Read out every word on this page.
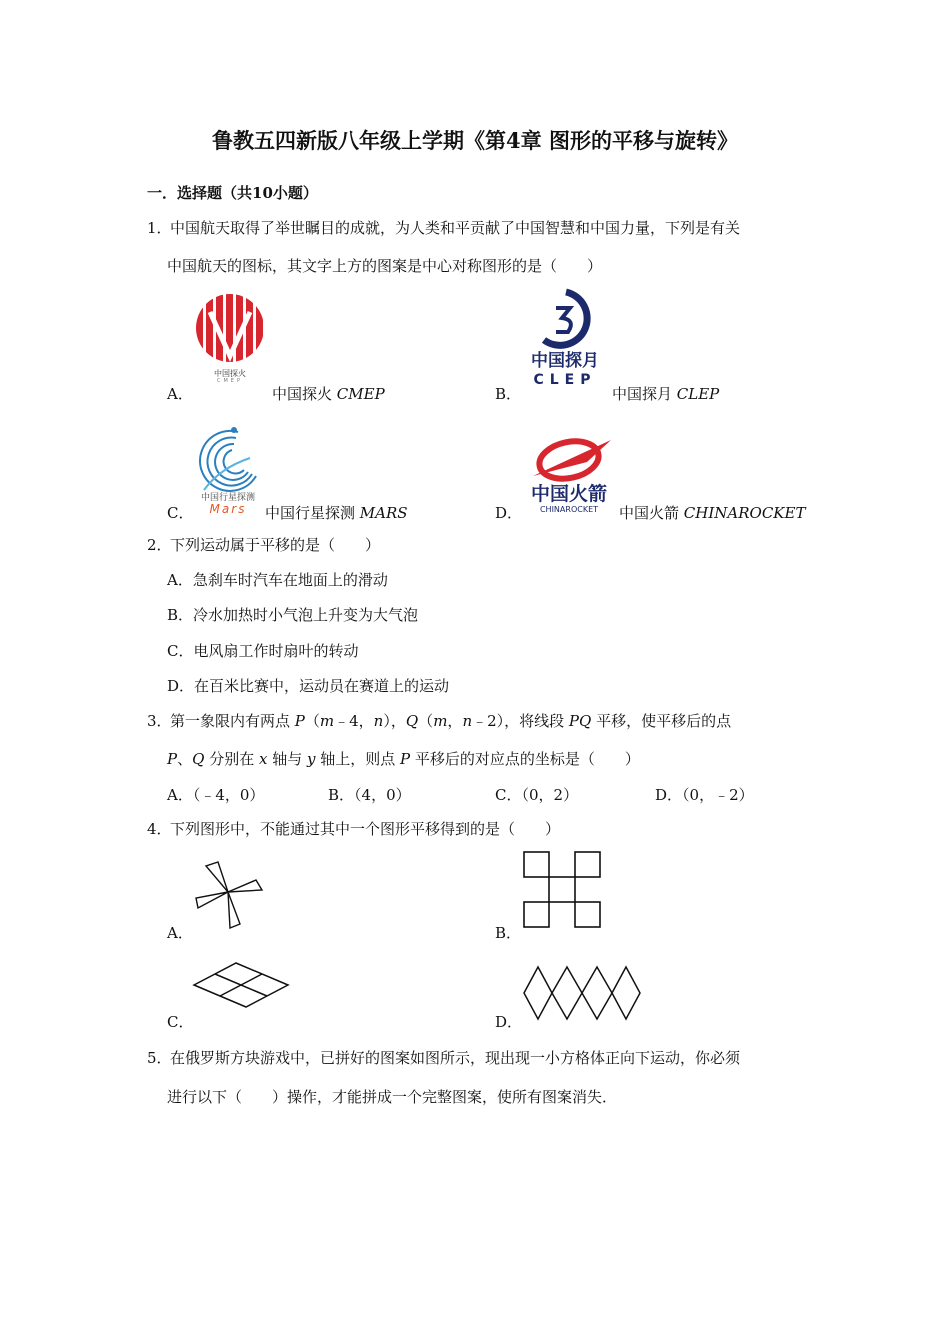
鲁教五四新版八年级上学期《第4章 图形的平移与旋转》
一．选择题（共10小题）
1．
中国航天取得了举世瞩目的成就，为人类和平贡献了中国智慧和中国力量，下列是有关
中国航天的图标，其文字上方的图案是中心对称图形的是（　　）
中国探火
CMEP
中国探月
CLEP
A．	中国探火 CMEP	B．	中国探月 CLEP
中国行星探测
Mars
中国火箭
CHINAROCKET
C．	中国行星探测 MARS	D．	中国火箭 CHINAROCKET
2．
下列运动属于平移的是（　　）
A．急刹车时汽车在地面上的滑动
B．冷水加热时小气泡上升变为大气泡
C．电风扇工作时扇叶的转动
D．在百米比赛中，运动员在赛道上的运动
3．
第一象限内有两点 P（m﹣4，n），Q（m，n﹣2），将线段 PQ 平移，使平移后的点
P、Q 分别在 x 轴与 y 轴上，则点 P 平移后的对应点的坐标是（　　）
A．（﹣4，0）	B．（4，0）	C．（0，2）	D．（0，﹣2）
4．
下列图形中，不能通过其中一个图形平移得到的是（　　）
A．	B．
C．	D．
5．
在俄罗斯方块游戏中，已拼好的图案如图所示，现出现一小方格体正向下运动，你必须
进行以下（　　）操作，才能拼成一个完整图案，使所有图案消失．
